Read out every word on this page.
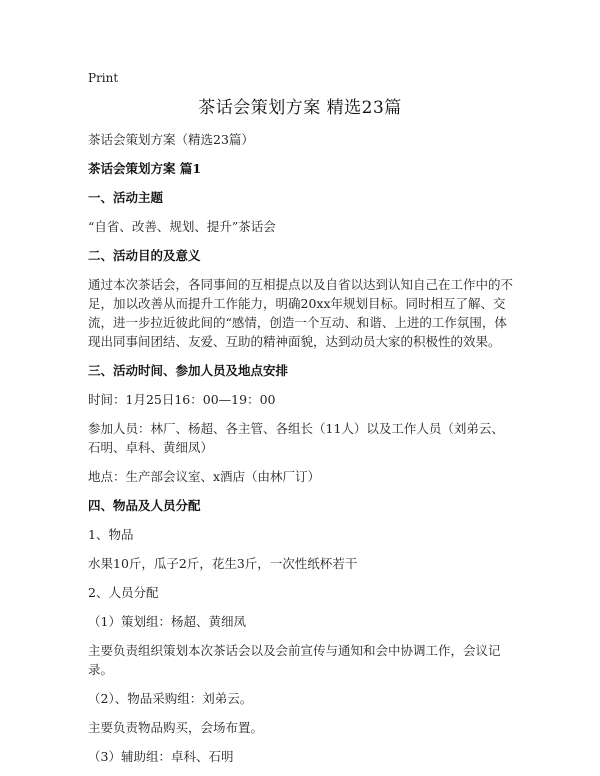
Print
茶话会策划方案 精选23篇

茶话会策划方案（精选23篇）

茶话会策划方案 篇1

一、活动主题

“自省、改善、规划、提升”茶话会

二、活动目的及意义

通过本次茶话会，各同事间的互相提点以及自省以达到认知自己在工作中的不足，加以改善从而提升工作能力，明确20xx年规划目标。同时相互了解、交流，进一步拉近彼此间的“感情，创造一个互动、和谐、上进的工作氛围，体现出同事间团结、友爱、互助的精神面貌，达到动员大家的积极性的效果。

三、活动时间、参加人员及地点安排

时间：1月25日16：00—19：00

参加人员：林厂、杨超、各主管、各组长（11人）以及工作人员（刘弟云、石明、卓科、黄细凤）

地点：生产部会议室、x酒店（由林厂订）

四、物品及人员分配

1、物品

水果10斤，瓜子2斤，花生3斤，一次性纸杯若干

2、人员分配

（1）策划组：杨超、黄细凤

主要负责组织策划本次茶话会以及会前宣传与通知和会中协调工作，会议记录。

（2）、物品采购组：刘弟云。

主要负责物品购买，会场布置。

（3）辅助组：卓科、石明
